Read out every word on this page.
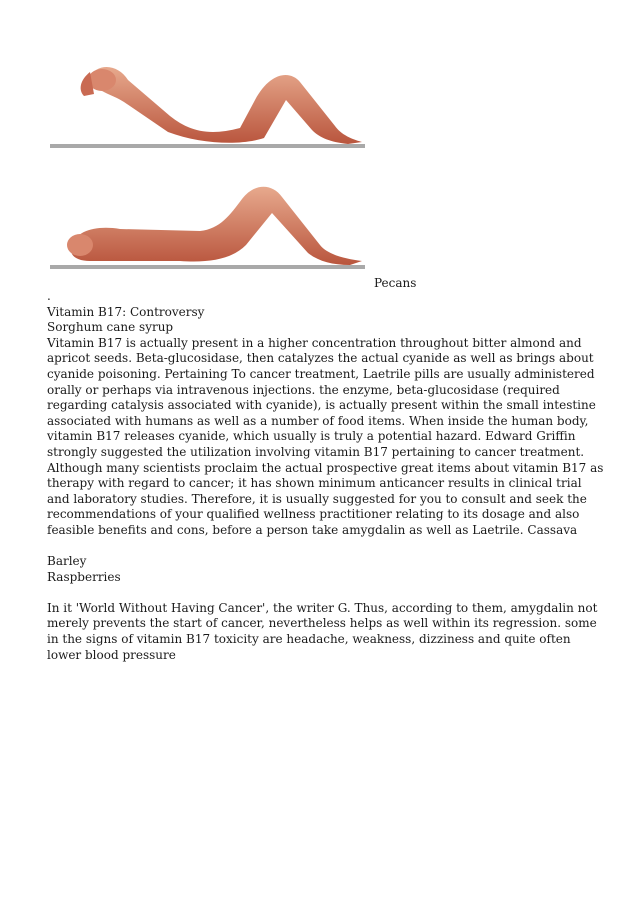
Pecans

.

Vitamin B17: Controversy

Sorghum cane syrup

Vitamin B17 is actually present in a higher concentration throughout bitter almond and apricot seeds. Beta-glucosidase, then catalyzes the actual cyanide as well as brings about cyanide poisoning. Pertaining To cancer treatment, Laetrile pills are usually administered orally or perhaps via intravenous injections. the enzyme, beta-glucosidase (required regarding catalysis associated with cyanide), is actually present within the small intestine associated with humans as well as a number of food items. When inside the human body, vitamin B17 releases cyanide, which usually is truly a potential hazard. Edward Griffin strongly suggested the utilization involving vitamin B17 pertaining to cancer treatment. Although many scientists proclaim the actual prospective great items about vitamin B17 as therapy with regard to cancer; it has shown minimum anticancer results in clinical trial and laboratory studies. Therefore, it is usually suggested for you to consult and seek the recommendations of your qualified wellness practitioner relating to its dosage and also feasible benefits and cons, before a person take amygdalin as well as Laetrile. Cassava

Barley

Raspberries

In it 'World Without Having Cancer', the writer G. Thus, according to them, amygdalin not merely prevents the start of cancer, nevertheless helps as well within its regression. some in the signs of vitamin B17 toxicity are headache, weakness, dizziness and quite often lower blood pressure
